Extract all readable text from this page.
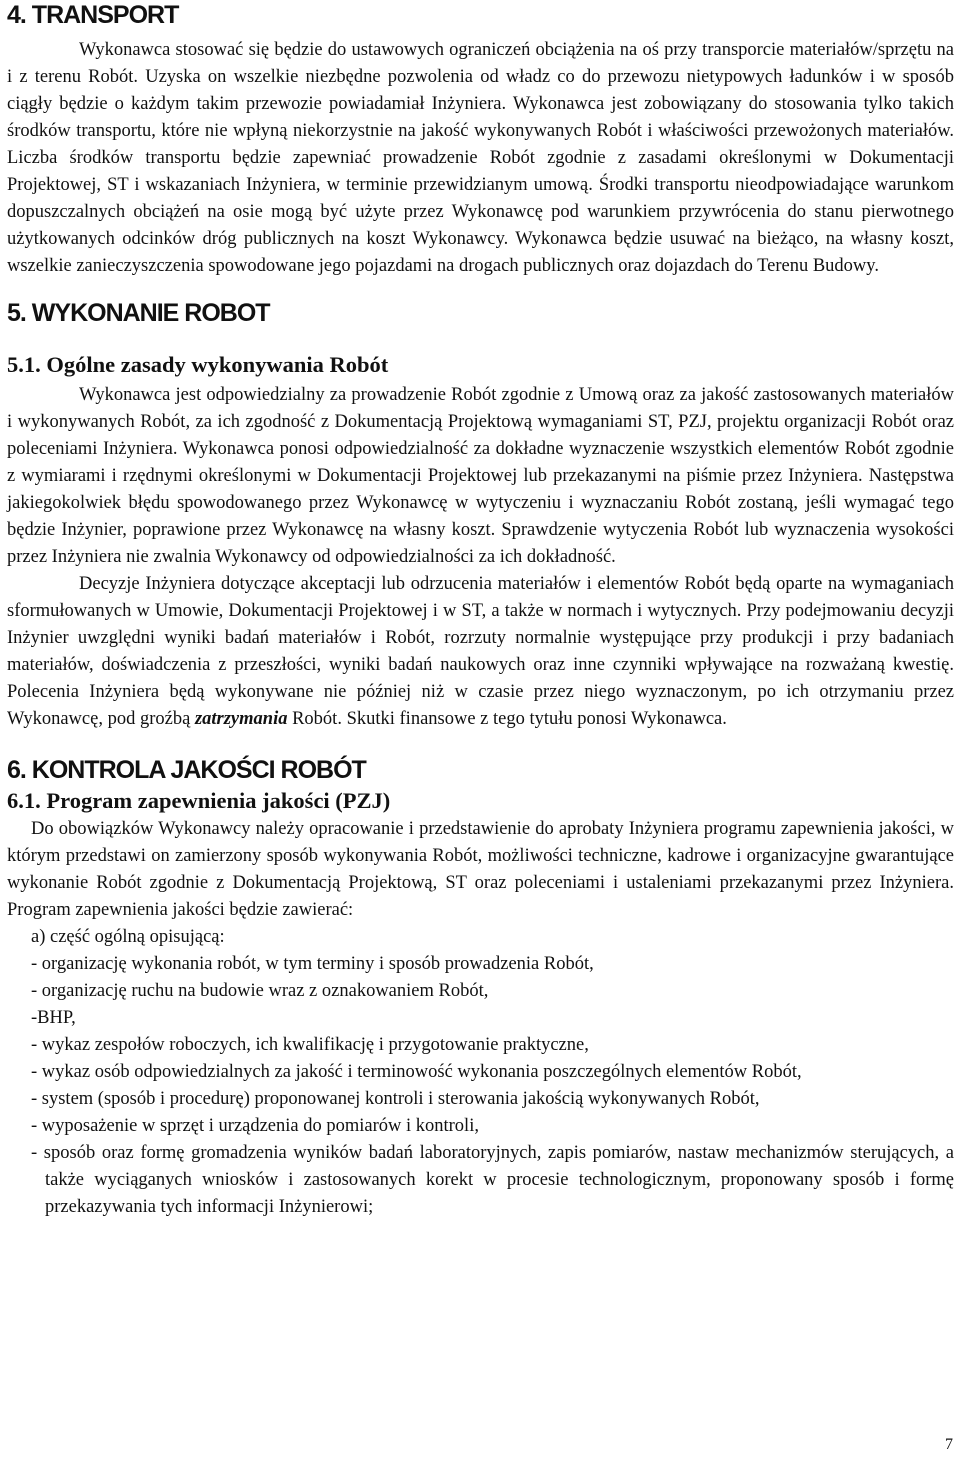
4. TRANSPORT

Wykonawca stosować się będzie do ustawowych ograniczeń obciążenia na oś przy transporcie materiałów/sprzętu na i z terenu Robót. Uzyska on wszelkie niezbędne pozwolenia od władz co do przewozu nietypowych ładunków i w sposób ciągły będzie o każdym takim przewozie powiadamiał Inżyniera. Wykonawca jest zobowiązany do stosowania tylko takich środków transportu, które nie wpłyną niekorzystnie na jakość wykonywanych Robót i właściwości przewożonych materiałów. Liczba środków transportu będzie zapewniać prowadzenie Robót zgodnie z zasadami określonymi w Dokumentacji Projektowej, ST i wskazaniach Inżyniera, w terminie przewidzianym umową. Środki transportu nieodpowiadające warunkom dopuszczalnych obciążeń na osie mogą być użyte przez Wykonawcę pod warunkiem przywrócenia do stanu pierwotnego użytkowanych odcinków dróg publicznych na koszt Wykonawcy. Wykonawca będzie usuwać na bieżąco, na własny koszt, wszelkie zanieczyszczenia spowodowane jego pojazdami na drogach publicznych oraz dojazdach do Terenu Budowy.

5. WYKONANIE ROBOT
5.1. Ogólne zasady wykonywania Robót

Wykonawca jest odpowiedzialny za prowadzenie Robót zgodnie z Umową oraz za jakość zastosowanych materiałów i wykonywanych Robót, za ich zgodność z Dokumentacją Projektową wymaganiami ST, PZJ, projektu organizacji Robót oraz poleceniami Inżyniera. Wykonawca ponosi odpowiedzialność za dokładne wyznaczenie wszystkich elementów Robót zgodnie z wymiarami i rzędnymi określonymi w Dokumentacji Projektowej lub przekazanymi na piśmie przez Inżyniera. Następstwa jakiegokolwiek błędu spowodowanego przez Wykonawcę w wytyczeniu i wyznaczaniu Robót zostaną, jeśli wymagać tego będzie Inżynier, poprawione przez Wykonawcę na własny koszt. Sprawdzenie wytyczenia Robót lub wyznaczenia wysokości przez Inżyniera nie zwalnia Wykonawcy od odpowiedzialności za ich dokładność.

Decyzje Inżyniera dotyczące akceptacji lub odrzucenia materiałów i elementów Robót będą oparte na wymaganiach sformułowanych w Umowie, Dokumentacji Projektowej i w ST, a także w normach i wytycznych. Przy podejmowaniu decyzji Inżynier uwzględni wyniki badań materiałów i Robót, rozrzuty normalnie występujące przy produkcji i przy badaniach materiałów, doświadczenia z przeszłości, wyniki badań naukowych oraz inne czynniki wpływające na rozważaną kwestię. Polecenia Inżyniera będą wykonywane nie później niż w czasie przez niego wyznaczonym, po ich otrzymaniu przez Wykonawcę, pod groźbą zatrzymania Robót. Skutki finansowe z tego tytułu ponosi Wykonawca.

6. KONTROLA JAKOŚCI ROBÓT
6.1. Program zapewnienia jakości (PZJ)

Do obowiązków Wykonawcy należy opracowanie i przedstawienie do aprobaty Inżyniera programu zapewnienia jakości, w którym przedstawi on zamierzony sposób wykonywania Robót, możliwości techniczne, kadrowe i organizacyjne gwarantujące wykonanie Robót zgodnie z Dokumentacją Projektową, ST oraz poleceniami i ustaleniami przekazanymi przez Inżyniera. Program zapewnienia jakości będzie zawierać:

a) część ogólną opisującą:
- organizację wykonania robót, w tym terminy i sposób prowadzenia Robót,
- organizację ruchu na budowie wraz z oznakowaniem Robót,
-BHP,
- wykaz zespołów roboczych, ich kwalifikację i przygotowanie praktyczne,
- wykaz osób odpowiedzialnych za jakość i terminowość wykonania poszczególnych elementów Robót,
- system (sposób i procedurę) proponowanej kontroli i sterowania jakością wykonywanych Robót,
- wyposażenie w sprzęt i urządzenia do pomiarów i kontroli,
- sposób oraz formę gromadzenia wyników badań laboratoryjnych, zapis pomiarów, nastaw mechanizmów sterujących, a także wyciąganych wniosków i zastosowanych korekt w procesie technologicznym, proponowany sposób i formę przekazywania tych informacji Inżynierowi;
7
